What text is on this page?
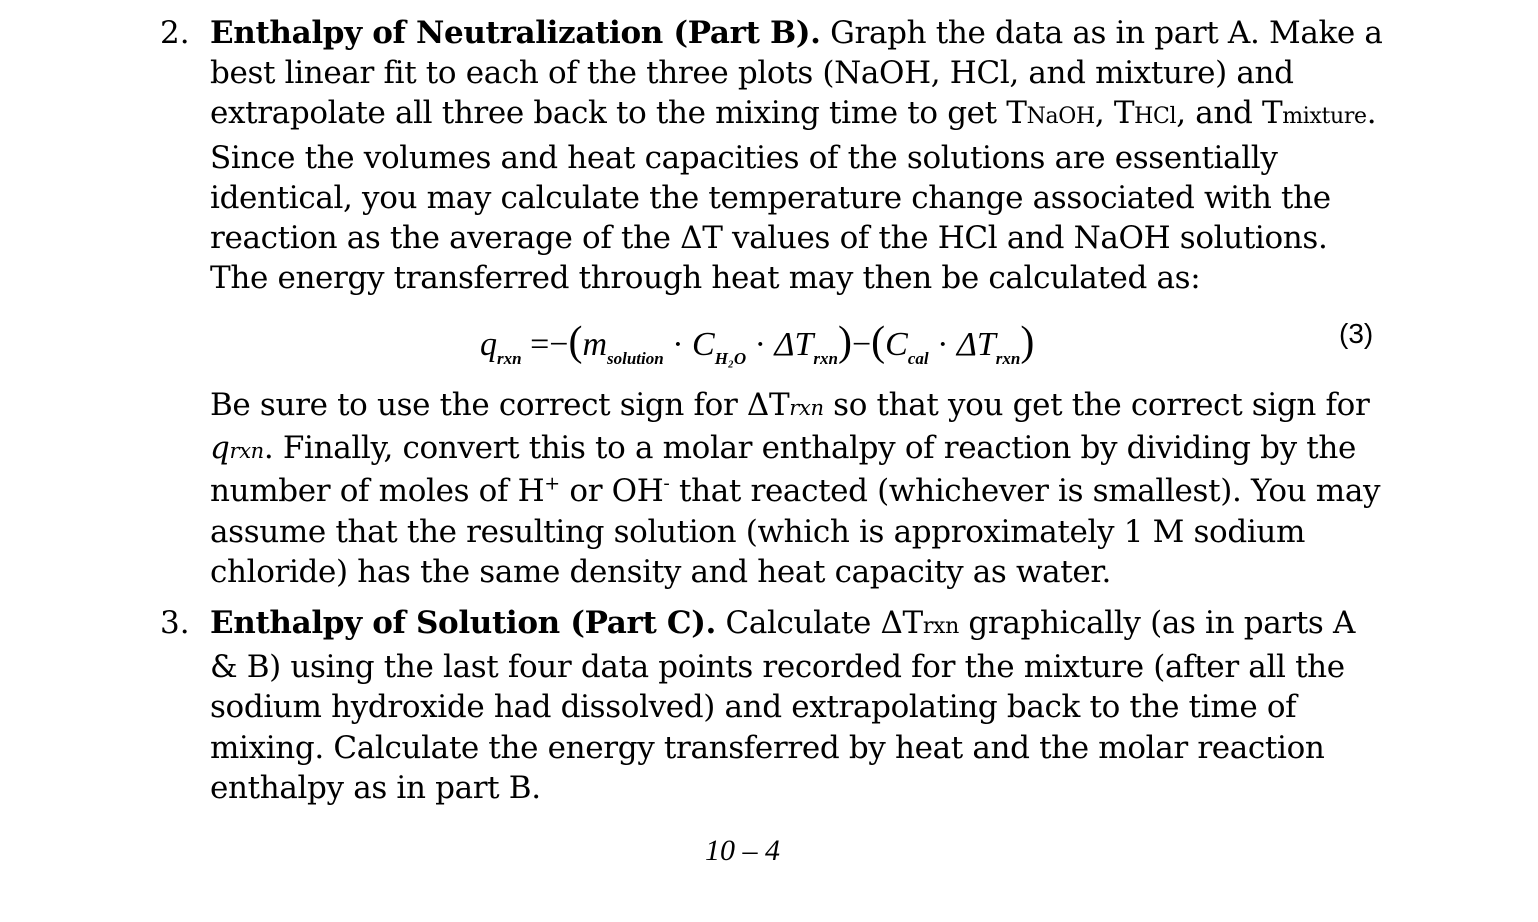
2. Enthalpy of Neutralization (Part B). Graph the data as in part A. Make a best linear fit to each of the three plots (NaOH, HCl, and mixture) and extrapolate all three back to the mixing time to get TNaOH, THCl, and Tmixture. Since the volumes and heat capacities of the solutions are essentially identical, you may calculate the temperature change associated with the reaction as the average of the ΔT values of the HCl and NaOH solutions. The energy transferred through heat may then be calculated as:

Be sure to use the correct sign for ΔTrxn so that you get the correct sign for qrxn. Finally, convert this to a molar enthalpy of reaction by dividing by the number of moles of H+ or OH- that reacted (whichever is smallest). You may assume that the resulting solution (which is approximately 1 M sodium chloride) has the same density and heat capacity as water.

$q_{rxn} =-(m_{solution} \cdot C_{H_2O} \cdot \Delta T_{rxn})-(C_{cal} \cdot \Delta T_{rxn})$	(3)
3. Enthalpy of Solution (Part C). Calculate ΔTrxn graphically (as in parts A & B) using the last four data points recorded for the mixture (after all the sodium hydroxide had dissolved) and extrapolating back to the time of mixing. Calculate the energy transferred by heat and the molar reaction enthalpy as in part B.

10 – 4
